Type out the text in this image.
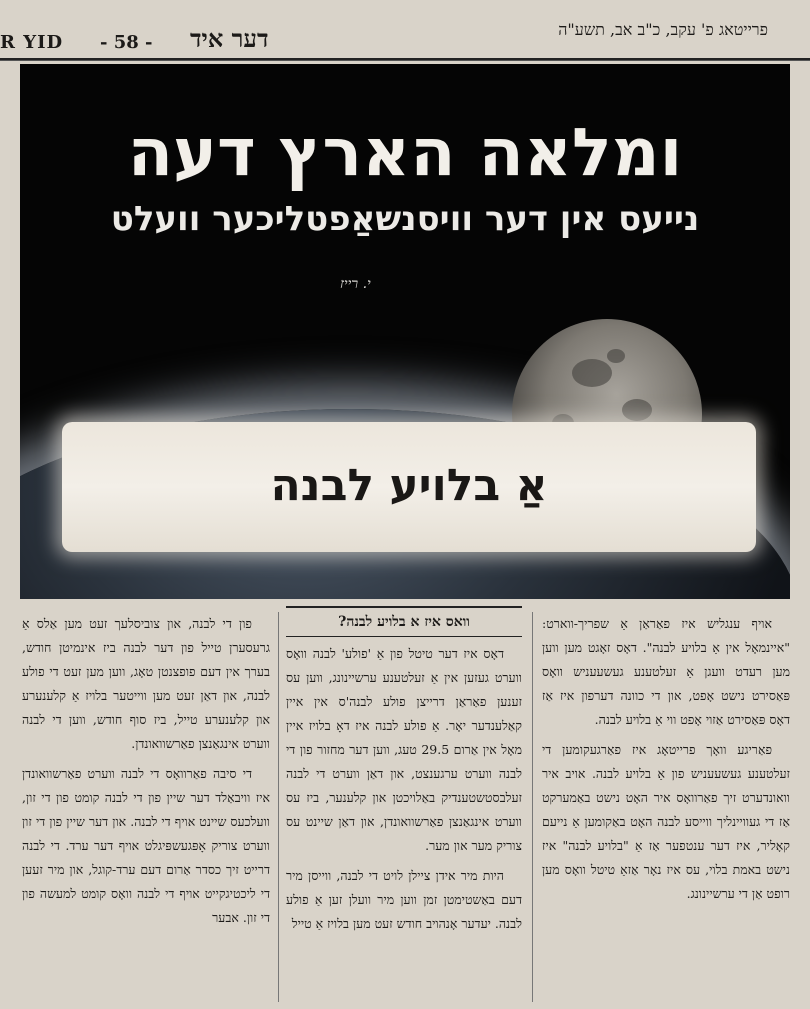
R YID - 58 - דער איד	פרייטאג פ' עקב, כ"ב אב, תשע"ה
ומלאה הארץ דעה
נייעס אין דער וויסנשאַפטליכער וועלט
י. רייז
אַ בלויע לבנה

אויף ענגליש איז פאַראַן אַ שפריך-ווארט: "איינמאָל אין אַ בלויע לבנה". דאָס זאָגט מען ווען מען רעדט וועגן אַ זעלטענע געשעעניש וואָס פּאַסירט נישט אָפט, און די כוונה דערפון איז אַז דאָס פּאַסירט אַזוי אָפט ווי אַ בלויע לבנה.

פאַריגע וואָך פרייטאָג איז פאַרגעקומען די זעלטענע געשעעניש פון אַ בלויע לבנה. אויב איר וואונדערט זיך פאַרוואָס איר האָט נישט באַמערקט אַז די געוויינליך ווייסע לבנה האָט באַקומען אַ נייעם קאָליר, איז דער ענטפער אַז אַ "בלויע לבנה" איז נישט באמת בלוי, עס איז נאָר אַזאַ טיטל וואָס מען רופט אַן די ערשיינונג.

וואס איז א בלויע לבנה?

דאָס איז דער טיטל פון אַ 'פולע' לבנה וואָס ווערט געזען אין אַ זעלטענע ערשיינונג, ווען עס זענען פאַראַן דרייצן פולע לבנה'ס אין איין קאַלענדער יאָר. אַ פולע לבנה איז דאָ בלויז איין מאָל אין אַרום 29.5 טעג, ווען דער מחזור פון די לבנה ווערט ערגענצט, און דאַן ווערט די לבנה זעלבסטשטענדיק באַלויכטן און קלענער, ביז עס ווערט אינגאַנצן פאַרשוואונדן, און דאַן שיינט עס צוריק מער און מער.

היות מיר אידן ציילן לויט די לבנה, ווייסן מיר דעם באַשטימטן זמן ווען מיר וועלן זען אַ פולע לבנה. יעדער אָנהויב חודש זעט מען בלויז אַ טייל

פון די לבנה, און צוביסלעך זעט מען אַלס אַ גרעסערן טייל פון דער לבנה ביז אינמיטן חודש, בערך אין דעם פופצנטן טאָג, ווען מען זעט די פולע לבנה, און דאַן זעט מען ווייטער בלויז אַ קלענערע און קלענערע טייל, ביז סוף חודש, ווען די לבנה ווערט אינגאַנצן פאַרשוואונדן.

די סיבה פאַרוואָס די לבנה ווערט פאַרשוואונדן איז וויבאַלד דער שיין פון די לבנה קומט פון די זון, וועלכעס שיינט אויף די לבנה. און דער שיין פון די זון ווערט צוריק אָפּגעשפּיגלט אויף דער ערד. די לבנה דרייט זיך כסדר אַרום דעם ערד-קוגל, און מיר זעען די ליכטיגקייט אויף די לבנה וואָס קומט למעשה פון די זון. אבער
